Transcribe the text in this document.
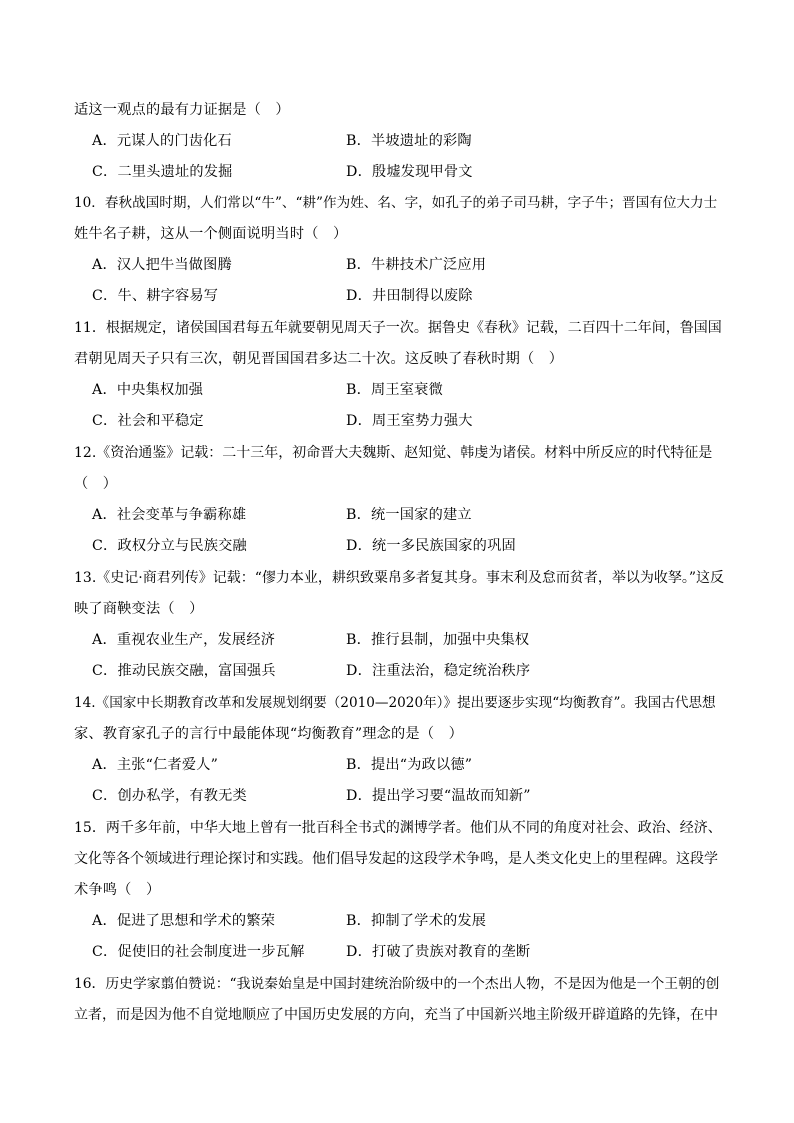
适这一观点的最有力证据是（　）
A．元谋人的门齿化石	B．半坡遗址的彩陶
C．二里头遗址的发掘	D．殷墟发现甲骨文
10．春秋战国时期，人们常以“牛”、“耕”作为姓、名、字，如孔子的弟子司马耕，字子牛；晋国有位大力士
姓牛名子耕，这从一个侧面说明当时（　）
A．汉人把牛当做图腾	B．牛耕技术广泛应用
C．牛、耕字容易写	D．井田制得以废除
11．根据规定，诸侯国国君每五年就要朝见周天子一次。据鲁史《春秋》记载，二百四十二年间，鲁国国
君朝见周天子只有三次，朝见晋国国君多达二十次。这反映了春秋时期（　）
A．中央集权加强	B．周王室衰微
C．社会和平稳定	D．周王室势力强大
12.《资治通鉴》记载：二十三年，初命晋大夫魏斯、赵知觉、韩虔为诸侯。材料中所反应的时代特征是
（　）
A．社会变革与争霸称雄	B．统一国家的建立
C．政权分立与民族交融	D．统一多民族国家的巩固
13.《史记·商君列传》记载：“僇力本业，耕织致粟帛多者复其身。事末利及怠而贫者，举以为收孥。”这反
映了商鞅变法（　）
A．重视农业生产，发展经济	B．推行县制，加强中央集权
C．推动民族交融，富国强兵	D．注重法治，稳定统治秩序
14.《国家中长期教育改革和发展规划纲要（2010—2020年）》提出要逐步实现“均衡教育”。我国古代思想
家、教育家孔子的言行中最能体现“均衡教育”理念的是（　）
A．主张“仁者爱人”	B．提出“为政以德”
C．创办私学，有教无类	D．提出学习要“温故而知新”
15．两千多年前，中华大地上曾有一批百科全书式的渊博学者。他们从不同的角度对社会、政治、经济、
文化等各个领域进行理论探讨和实践。他们倡导发起的这段学术争鸣，是人类文化史上的里程碑。这段学
术争鸣（　）
A．促进了思想和学术的繁荣	B．抑制了学术的发展
C．促使旧的社会制度进一步瓦解	D．打破了贵族对教育的垄断
16．历史学家翦伯赞说：“我说秦始皇是中国封建统治阶级中的一个杰出人物，不是因为他是一个王朝的创
立者，而是因为他不自觉地顺应了中国历史发展的方向，充当了中国新兴地主阶级开辟道路的先锋，在中
